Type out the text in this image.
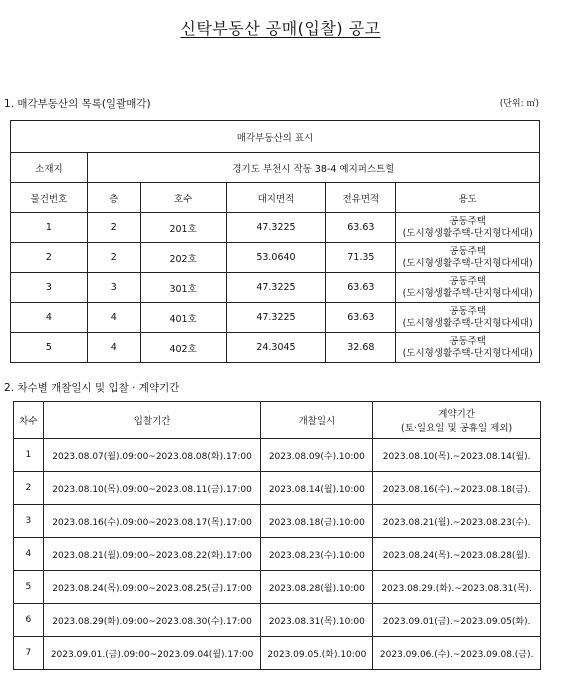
신탁부동산 공매(입찰) 공고
1. 매각부동산의 목록(일괄매각)	(단위: ㎡)
매각부동산의 표시					
소재지	경기도 부천시 작동 38-4 예지퍼스트힐				
물건번호	층	호수	대지면적	전유면적	용도
1	2	201호	47.3225	63.63	공동주택
(도시형생활주택-단지형다세대)

2	2	202호	53.0640	71.35	공동주택
(도시형생활주택-단지형다세대)

3	3	301호	47.3225	63.63	공동주택
(도시형생활주택-단지형다세대)

4	4	401호	47.3225	63.63	공동주택
(도시형생활주택-단지형다세대)

5	4	402호	24.3045	32.68	공동주택
(도시형생활주택-단지형다세대)
2. 차수별 개찰일시 및 입찰 · 계약기간
차수	입찰기간	개찰일시	계약기간
(토·일요일 및 공휴일 제외)

1	2023.08.07(월).09:00~2023.08.08(화).17:00	2023.08.09(수).10:00	2023.08.10(목).~2023.08.14(월).
2	2023.08.10(목).09:00~2023.08.11(금).17:00	2023.08.14(월).10:00	2023.08.16(수).~2023.08.18(금).
3	2023.08.16(수).09:00~2023.08.17(목).17:00	2023.08.18(금).10:00	2023.08.21(월).~2023.08.23(수).
4	2023.08.21(월).09:00~2023.08.22(화).17:00	2023.08.23(수).10:00	2023.08.24(목).~2023.08.28(월).
5	2023.08.24(목).09:00~2023.08.25(금).17:00	2023.08.28(월).10:00	2023.08.29.(화).~2023.08.31(목).
6	2023.08.29(화).09:00~2023.08.30(수).17:00	2023.08.31(목).10:00	2023.09.01(금).~2023.09.05(화).
7	2023.09.01.(금).09:00~2023.09.04(월).17:00	2023.09.05.(화).10:00	2023.09.06.(수).~2023.09.08.(금).
